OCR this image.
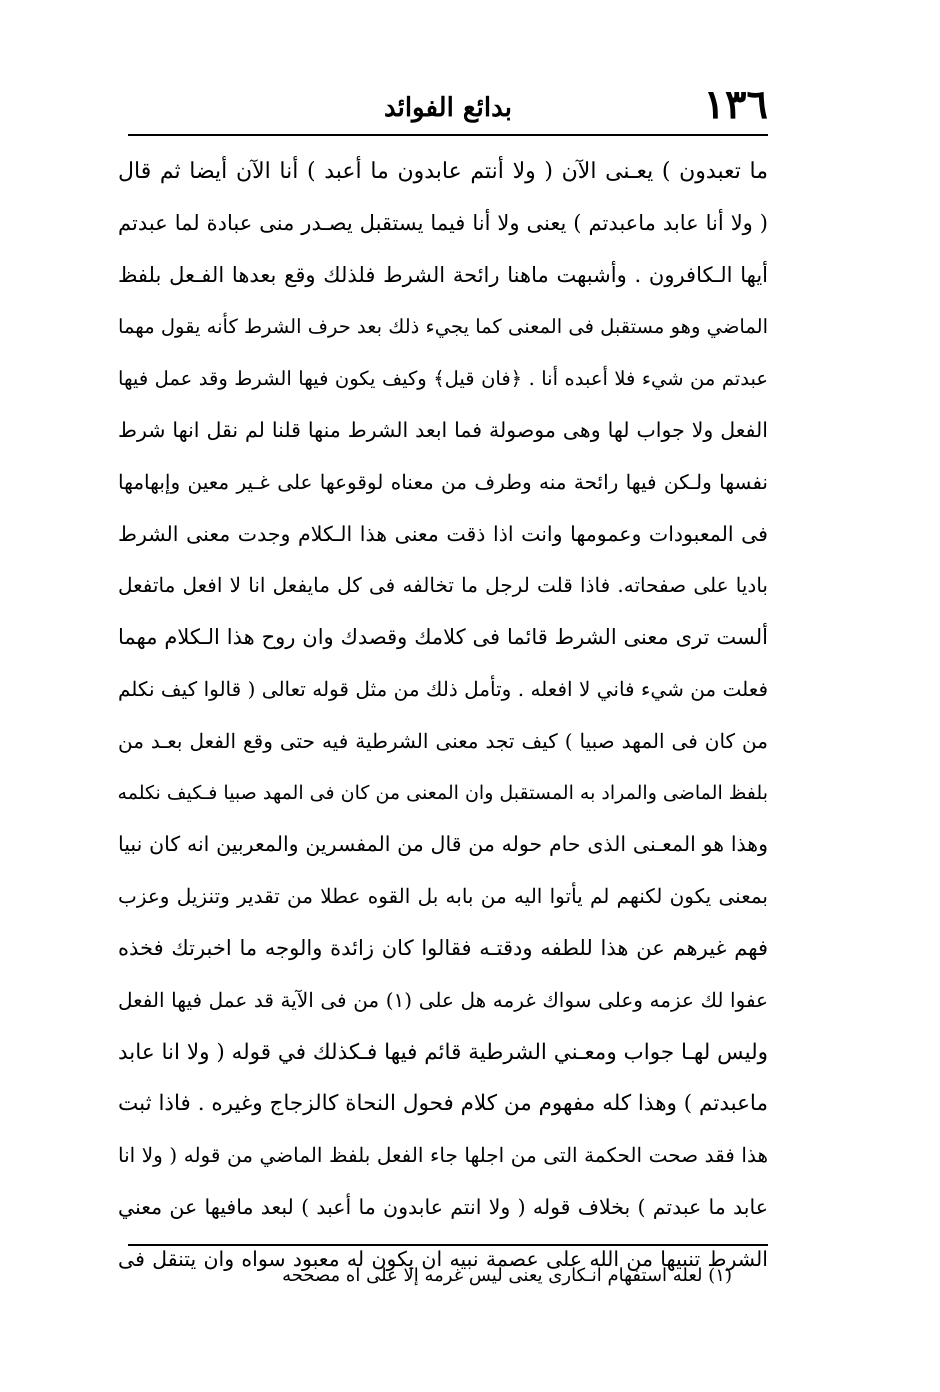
١٣٦
بدائع الفوائد
ما تعبدون ) يعـنى الآن ( ولا أنتم عابدون ما أعبد ) أنا الآن أيضا ثم قال
( ولا أنا عابد ماعبدتم ) يعنى ولا أنا فيما يستقبل يصـدر منى عبادة لما عبدتم
أيها الـكافرون . وأشبهت ماهنا رائحة الشرط فلذلك وقع بعدها الفـعل بلفظ
الماضي وهو مستقبل فى المعنى كما يجيء ذلك بعد حرف الشرط كأنه يقول مهما
عبدتم من شيء فلا أعبده أنا . ﴿فان قيل﴾ وكيف يكون فيها الشرط وقد عمل فيها
الفعل ولا جواب لها وهى موصولة فما ابعد الشرط منها قلنا لم نقل انها شرط
نفسها ولـكن فيها رائحة منه وطرف من معناه لوقوعها على غـير معين وإبهامها
فى المعبودات وعمومها وانت اذا ذقت معنى هذا الـكلام وجدت معنى الشرط
باديا على صفحاته. فاذا قلت لرجل ما تخالفه فى كل مايفعل انا لا افعل ماتفعل
ألست ترى معنى الشرط قائما فى كلامك وقصدك وان روح هذا الـكلام مهما
فعلت من شيء فاني لا افعله . وتأمل ذلك من مثل قوله تعالى ( قالوا كيف نكلم
من كان فى المهد صبيا ) كيف تجد معنى الشرطية فيه حتى وقع الفعل بعـد من
بلفظ الماضى والمراد به المستقبل وان المعنى من كان فى المهد صبيا فـكيف نكلمه
وهذا هو المعـنى الذى حام حوله من قال من المفسرين والمعربين انه كان نبيا
بمعنى يكون لكنهم لم يأتوا اليه من بابه بل القوه عطلا من تقدير وتنزيل وعزب
فهم غيرهم عن هذا للطفه ودقتـه فقالوا كان زائدة والوجه ما اخبرتك فخذه
عفوا لك عزمه وعلى سواك غرمه هل على (١) من فى الآية قد عمل فيها الفعل
وليس لهـا جواب ومعـني الشرطية قائم فيها فـكذلك في قوله ( ولا انا عابد
ماعبدتم ) وهذا كله مفهوم من كلام فحول النحاة كالزجاج وغيره . فاذا ثبت
هذا فقد صحت الحكمة التى من اجلها جاء الفعل بلفظ الماضي من قوله ( ولا انا
عابد ما عبدتم ) بخلاف قوله ( ولا انتم عابدون ما أعبد ) لبعد مافيها عن معني
الشرط تنبيها من الله على عصمة نبيه ان يكون له معبود سواه وان يتنقل فى
(١) لعله استفهام انـكارى يعنى ليس غرمه إلا على اه مصححه
